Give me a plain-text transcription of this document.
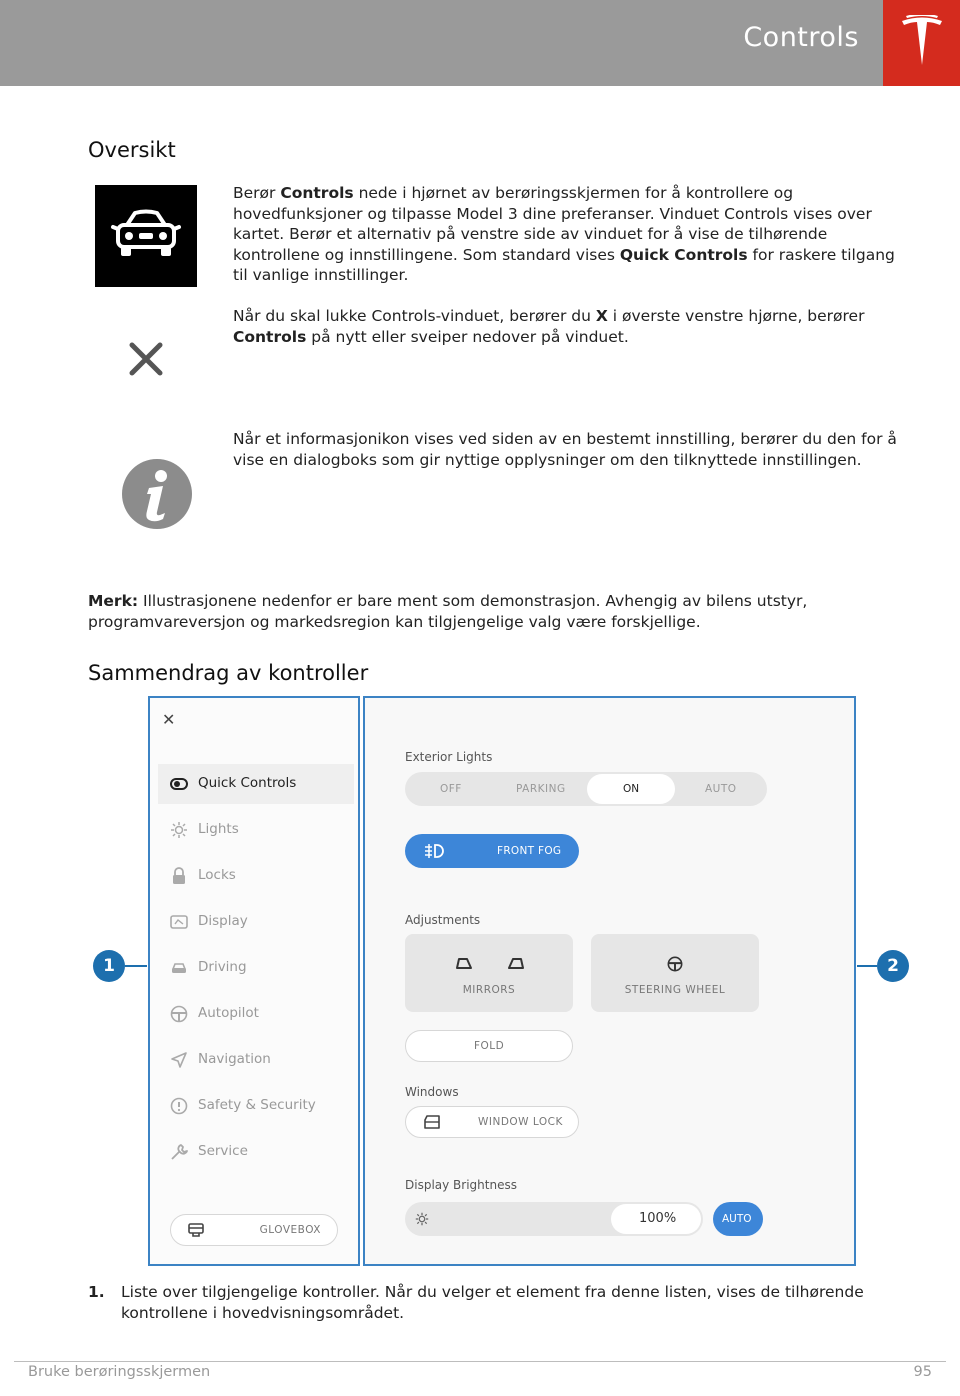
Controls
Oversikt

Berør Controls nede i hjørnet av berøringsskjermen for å kontrollere og hovedfunksjoner og tilpasse Model 3 dine preferanser. Vinduet Controls vises over kartet. Berør et alternativ på venstre side av vinduet for å vise de tilhørende kontrollene og innstillingene. Som standard vises Quick Controls for raskere tilgang til vanlige innstillinger.

Når du skal lukke Controls-vinduet, berører du X i øverste venstre hjørne, berører Controls på nytt eller sveiper nedover på vinduet.

Når et informasjonikon vises ved siden av en bestemt innstilling, berører du den for å vise en dialogboks som gir nyttige opplysninger om den tilknyttede innstillingen.

Merk: Illustrasjonene nedenfor er bare ment som demonstrasjon. Avhengig av bilens utstyr, programvareversjon og markedsregion kan tilgjengelige valg være forskjellige.

Sammendrag av kontroller
1	2
✕
Quick Controls
Lights
Locks
Display
Driving
Autopilot
Navigation
Safety & Security
Service
GLOVEBOX
Exterior Lights
OFF	PARKING	ON	AUTO
FRONT FOG
Adjustments
MIRRORS	STEERING WHEEL
FOLD
Windows
WINDOW LOCK
Display Brightness
100%	AUTO
1. Liste over tilgjengelige kontroller. Når du velger et element fra denne listen, vises de tilhørende kontrollene i hovedvisningsområdet.
Bruke berøringsskjermen	95
